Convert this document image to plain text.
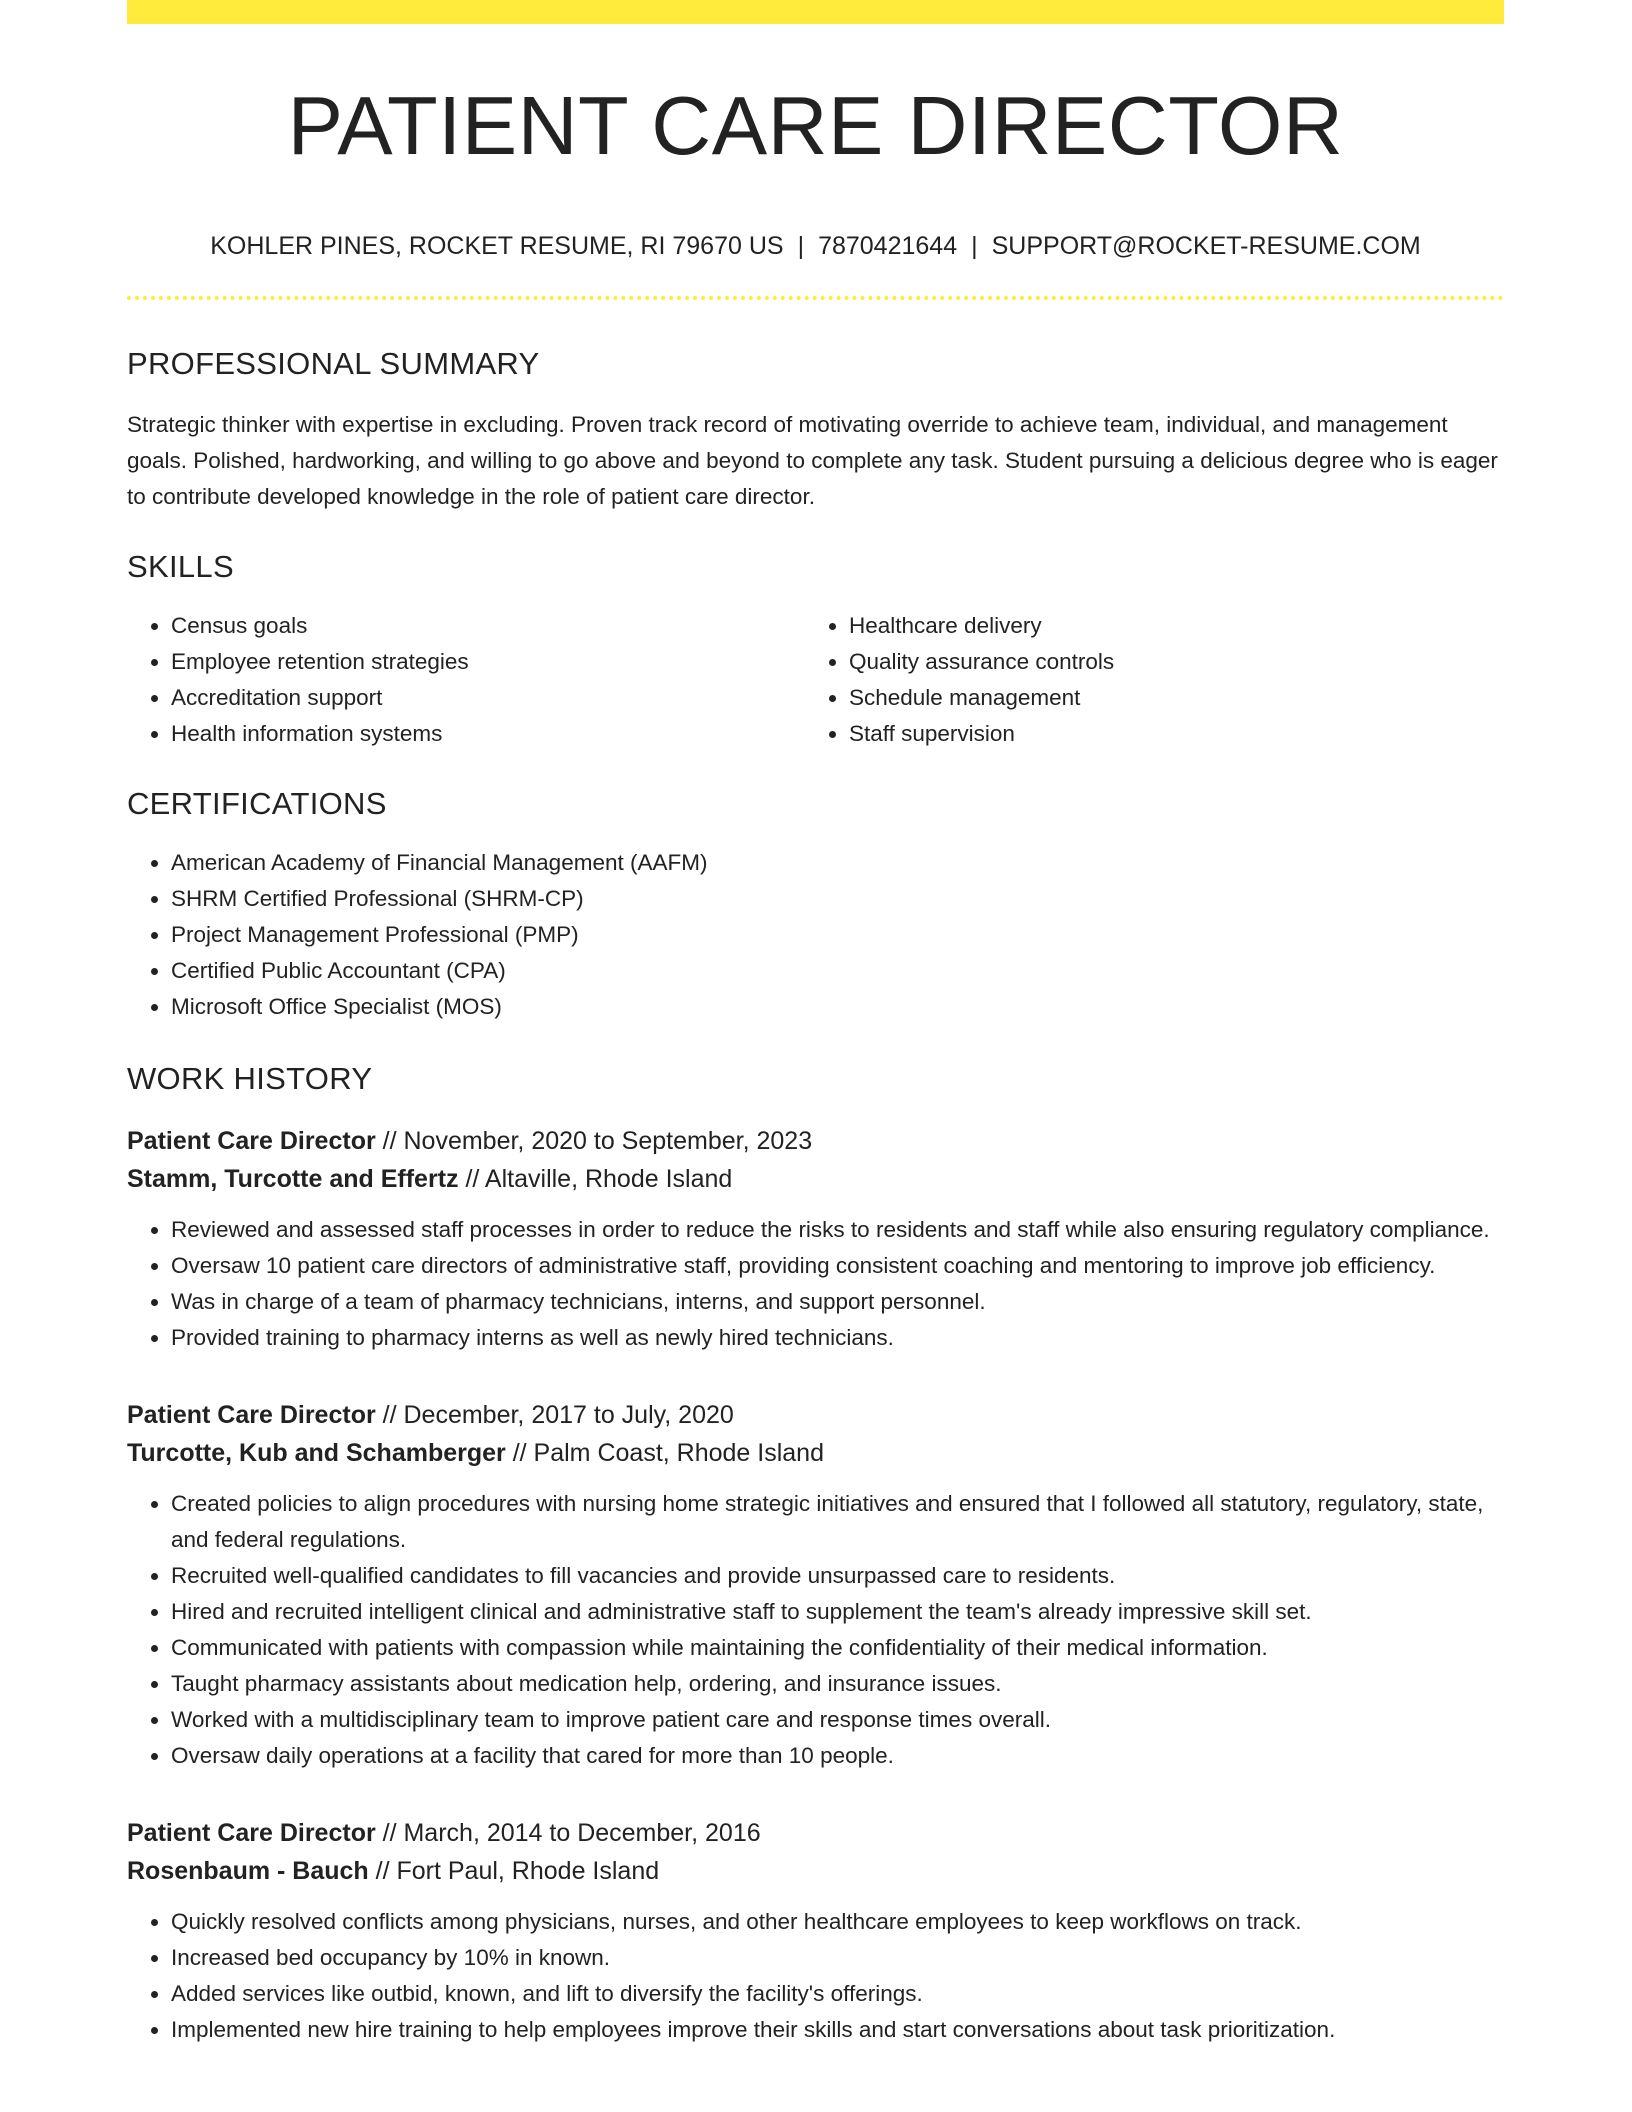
PATIENT CARE DIRECTOR
KOHLER PINES, ROCKET RESUME, RI 79670 US | 7870421644 | SUPPORT@ROCKET-RESUME.COM
PROFESSIONAL SUMMARY
Strategic thinker with expertise in excluding. Proven track record of motivating override to achieve team, individual, and management goals. Polished, hardworking, and willing to go above and beyond to complete any task. Student pursuing a delicious degree who is eager to contribute developed knowledge in the role of patient care director.
SKILLS
• Census goals
• Employee retention strategies
• Accreditation support
• Health information systems
• Healthcare delivery
• Quality assurance controls
• Schedule management
• Staff supervision
CERTIFICATIONS
• American Academy of Financial Management (AAFM)
• SHRM Certified Professional (SHRM-CP)
• Project Management Professional (PMP)
• Certified Public Accountant (CPA)
• Microsoft Office Specialist (MOS)
WORK HISTORY
Patient Care Director // November, 2020 to September, 2023
Stamm, Turcotte and Effertz // Altaville, Rhode Island
• Reviewed and assessed staff processes in order to reduce the risks to residents and staff while also ensuring regulatory compliance.
• Oversaw 10 patient care directors of administrative staff, providing consistent coaching and mentoring to improve job efficiency.
• Was in charge of a team of pharmacy technicians, interns, and support personnel.
• Provided training to pharmacy interns as well as newly hired technicians.
Patient Care Director // December, 2017 to July, 2020
Turcotte, Kub and Schamberger // Palm Coast, Rhode Island
• Created policies to align procedures with nursing home strategic initiatives and ensured that I followed all statutory, regulatory, state, and federal regulations.
• Recruited well-qualified candidates to fill vacancies and provide unsurpassed care to residents.
• Hired and recruited intelligent clinical and administrative staff to supplement the team's already impressive skill set.
• Communicated with patients with compassion while maintaining the confidentiality of their medical information.
• Taught pharmacy assistants about medication help, ordering, and insurance issues.
• Worked with a multidisciplinary team to improve patient care and response times overall.
• Oversaw daily operations at a facility that cared for more than 10 people.
Patient Care Director // March, 2014 to December, 2016
Rosenbaum - Bauch // Fort Paul, Rhode Island
• Quickly resolved conflicts among physicians, nurses, and other healthcare employees to keep workflows on track.
• Increased bed occupancy by 10% in known.
• Added services like outbid, known, and lift to diversify the facility's offerings.
• Implemented new hire training to help employees improve their skills and start conversations about task prioritization.
